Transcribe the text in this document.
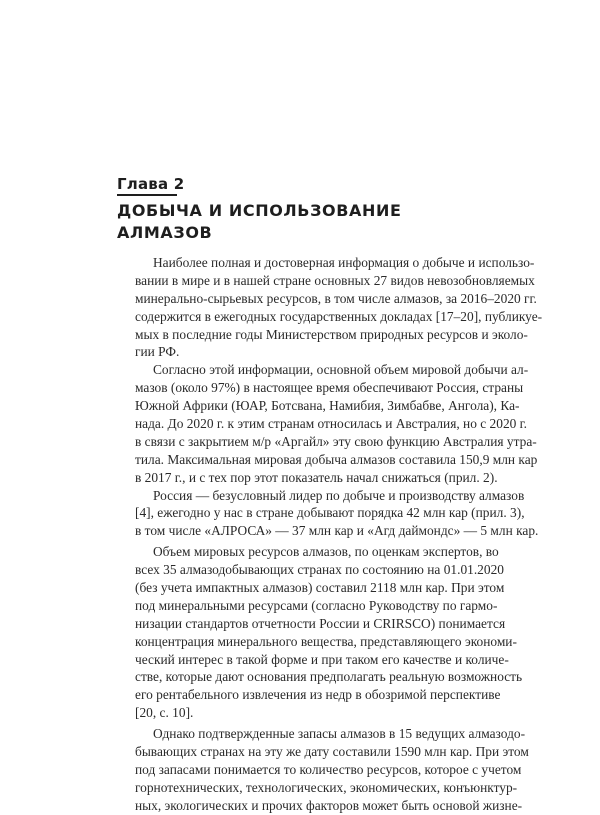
Глава 2
ДОБЫЧА И ИСПОЛЬЗОВАНИЕ
АЛМАЗОВ
Наиболее полная и достоверная информация о добыче и использо-
вании в мире и в нашей стране основных 27 видов невозобновляемых
минерально-сырьевых ресурсов, в том числе алмазов, за 2016–2020 гг.
содержится в ежегодных государственных докладах [17–20], публикуе-
мых в последние годы Министерством природных ресурсов и эколо-
гии РФ.
Согласно этой информации, основной объем мировой добычи ал-
мазов (около 97%) в настоящее время обеспечивают Россия, страны
Южной Африки (ЮАР, Ботсвана, Намибия, Зимбабве, Ангола), Ка-
нада. До 2020 г. к этим странам относилась и Австралия, но с 2020 г.
в связи с закрытием м/р «Аргайл» эту свою функцию Австралия утра-
тила. Максимальная мировая добыча алмазов составила 150,9 млн кар
в 2017 г., и с тех пор этот показатель начал снижаться (прил. 2).
Россия — безусловный лидер по добыче и производству алмазов
[4], ежегодно у нас в стране добывают порядка 42 млн кар (прил. 3),
в том числе «АЛРОСА» — 37 млн кар и «Агд даймондс» — 5 млн кар.
Объем мировых ресурсов алмазов, по оценкам экспертов, во
всех 35 алмазодобывающих странах по состоянию на 01.01.2020
(без учета импактных алмазов) составил 2118 млн кар. При этом
под минеральными ресурсами (согласно Руководству по гармо-
низации стандартов отчетности России и CRIRSCO) понимается
концентрация минерального вещества, представляющего экономи-
ческий интерес в такой форме и при таком его качестве и количе-
стве, которые дают основания предполагать реальную возможность
его рентабельного извлечения из недр в обозримой перспективе
[20, с. 10].
Однако подтвержденные запасы алмазов в 15 ведущих алмазодо-
бывающих странах на эту же дату составили 1590 млн кар. При этом
под запасами понимается то количество ресурсов, которое с учетом
горнотехнических, технологических, экономических, конъюнктур-
ных, экологических и прочих факторов может быть основой жизне-
